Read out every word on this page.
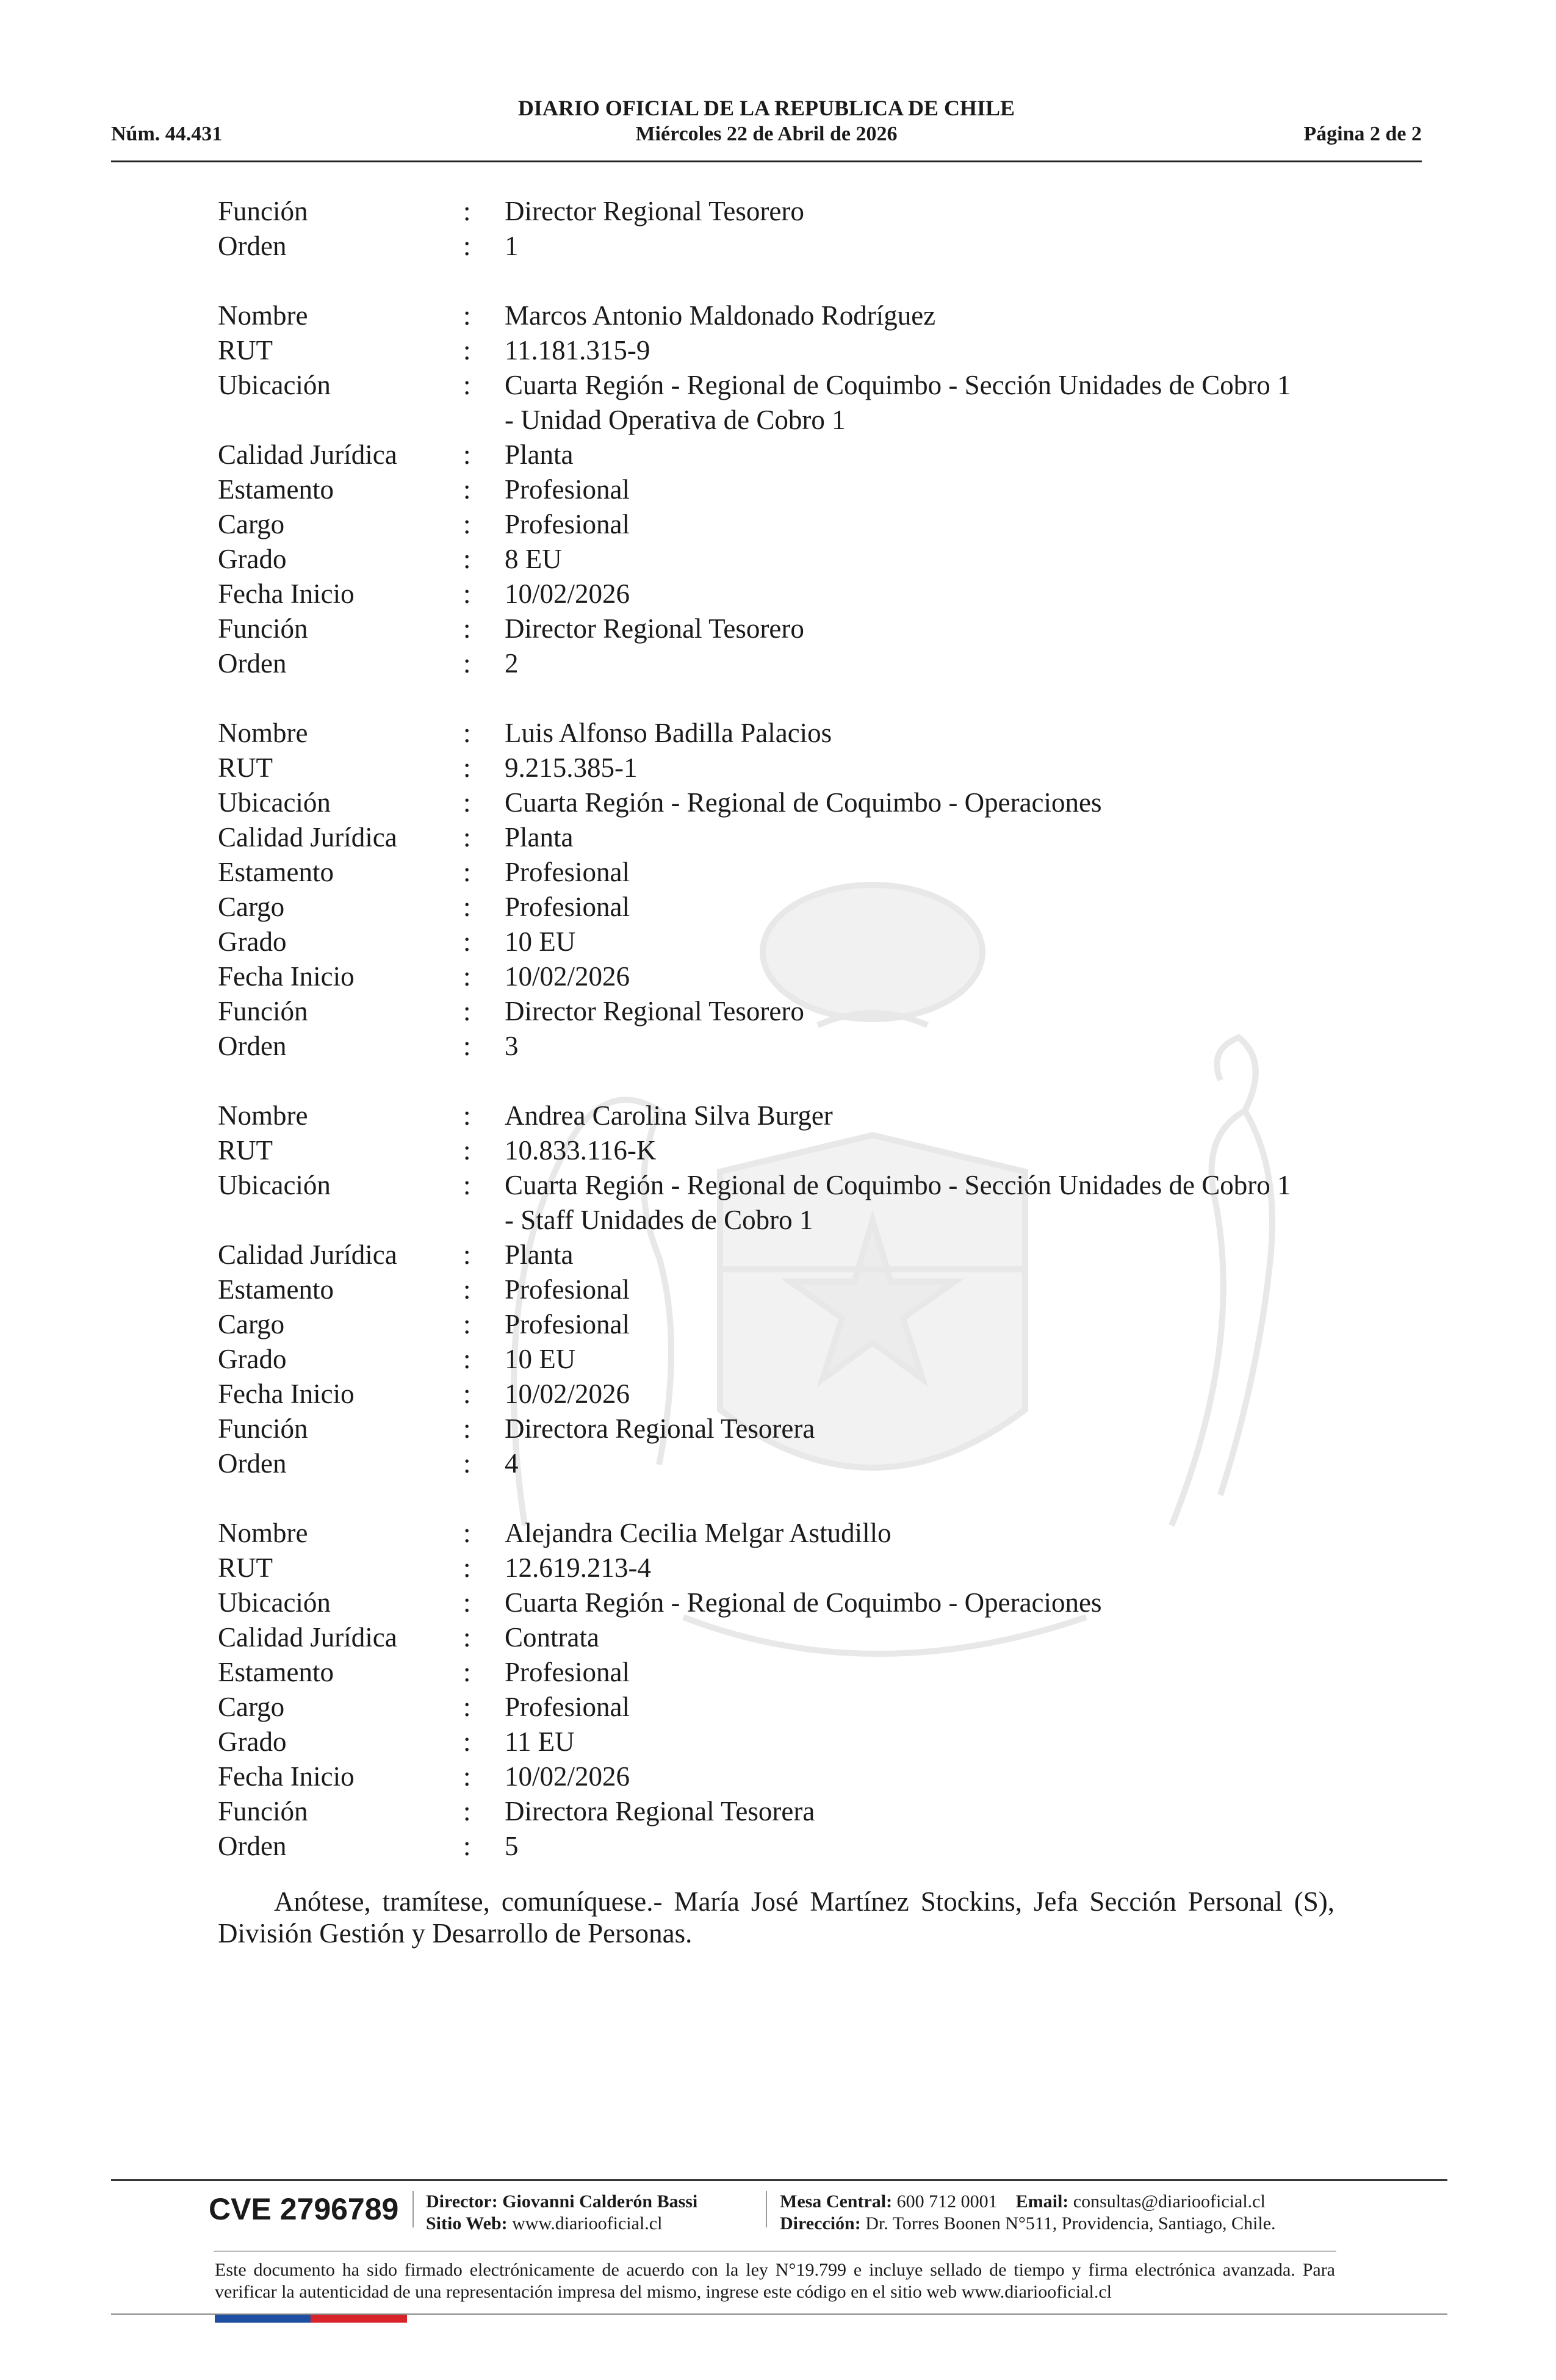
DIARIO OFICIAL DE LA REPUBLICA DE CHILE
Núm. 44.431	Miércoles 22 de Abril de 2026	Página 2 de 2
Función	:	Director Regional Tesorero
Orden	:	1
Nombre	:	Marcos Antonio Maldonado Rodríguez
RUT	:	11.181.315-9
Ubicación	:	Cuarta Región - Regional de Coquimbo - Sección Unidades de Cobro 1
- Unidad Operativa de Cobro 1
Calidad Jurídica	:	Planta
Estamento	:	Profesional
Cargo	:	Profesional
Grado	:	8 EU
Fecha Inicio	:	10/02/2026
Función	:	Director Regional Tesorero
Orden	:	2
Nombre	:	Luis Alfonso Badilla Palacios
RUT	:	9.215.385-1
Ubicación	:	Cuarta Región - Regional de Coquimbo - Operaciones
Calidad Jurídica	:	Planta
Estamento	:	Profesional
Cargo	:	Profesional
Grado	:	10 EU
Fecha Inicio	:	10/02/2026
Función	:	Director Regional Tesorero
Orden	:	3
Nombre	:	Andrea Carolina Silva Burger
RUT	:	10.833.116-K
Ubicación	:	Cuarta Región - Regional de Coquimbo - Sección Unidades de Cobro 1
- Staff Unidades de Cobro 1
Calidad Jurídica	:	Planta
Estamento	:	Profesional
Cargo	:	Profesional
Grado	:	10 EU
Fecha Inicio	:	10/02/2026
Función	:	Directora Regional Tesorera
Orden	:	4
Nombre	:	Alejandra Cecilia Melgar Astudillo
RUT	:	12.619.213-4
Ubicación	:	Cuarta Región - Regional de Coquimbo - Operaciones
Calidad Jurídica	:	Contrata
Estamento	:	Profesional
Cargo	:	Profesional
Grado	:	11 EU
Fecha Inicio	:	10/02/2026
Función	:	Directora Regional Tesorera
Orden	:	5
Anótese, tramítese, comuníquese.- María José Martínez Stockins, Jefa Sección Personal (S), División Gestión y Desarrollo de Personas.
CVE 2796789 Director: Giovanni Calderón Bassi
Sitio Web: www.diariooficial.cl
Mesa Central: 600 712 0001 Email: consultas@diariooficial.cl
Dirección: Dr. Torres Boonen N°511, Providencia, Santiago, Chile.
Este documento ha sido firmado electrónicamente de acuerdo con la ley N°19.799 e incluye sellado de tiempo y firma electrónica avanzada. Para verificar la autenticidad de una representación impresa del mismo, ingrese este código en el sitio web www.diariooficial.cl
